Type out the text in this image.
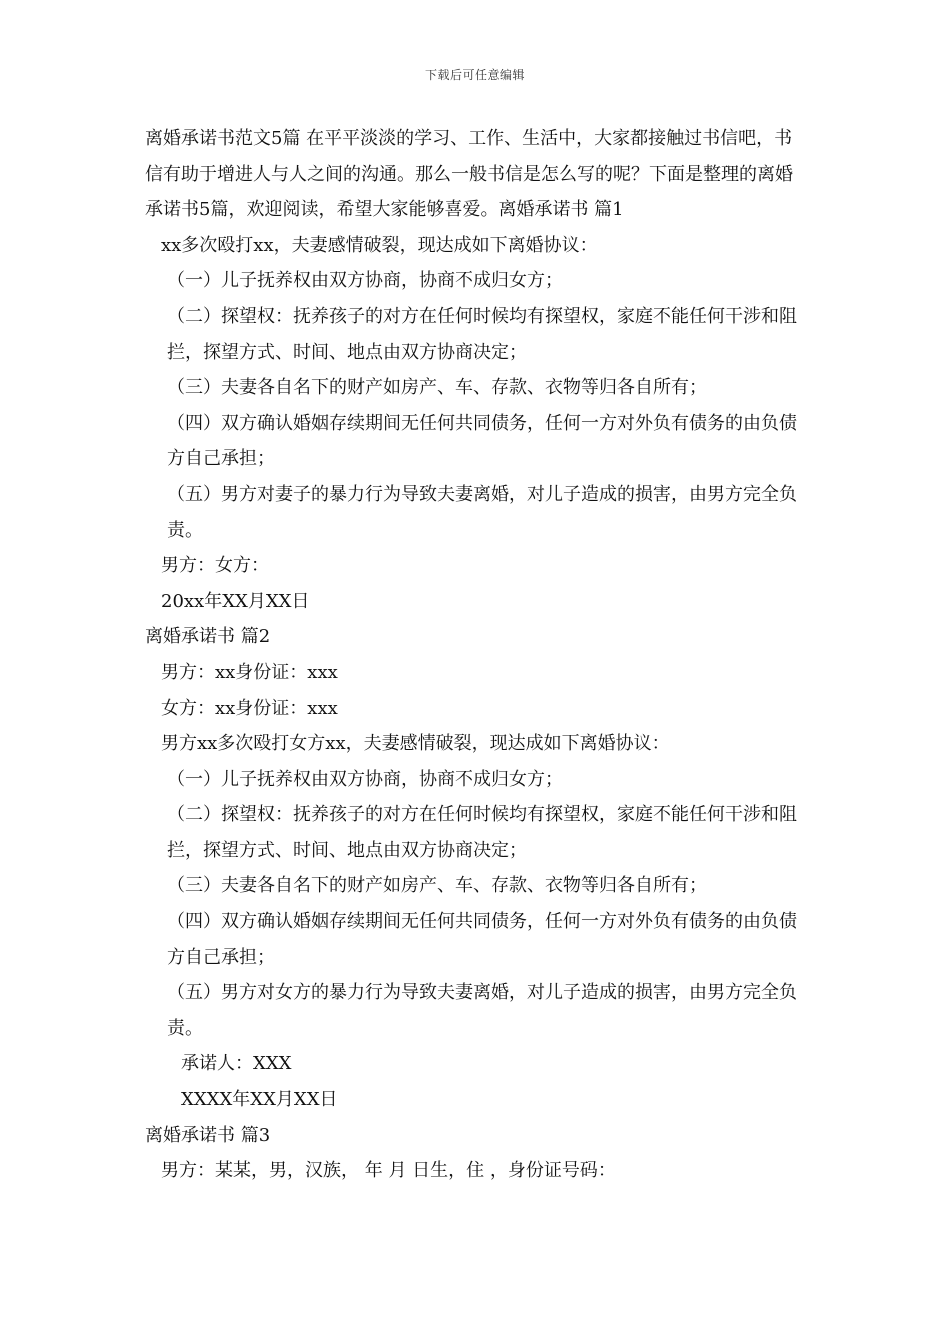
下载后可任意编辑

离婚承诺书范文5篇 在平平淡淡的学习、工作、生活中，大家都接触过书信吧，书信有助于增进人与人之间的沟通。那么一般书信是怎么写的呢？下面是整理的离婚承诺书5篇，欢迎阅读，希望大家能够喜爱。离婚承诺书 篇1

xx多次殴打xx，夫妻感情破裂，现达成如下离婚协议：

（一）儿子抚养权由双方协商，协商不成归女方；

（二）探望权：抚养孩子的对方在任何时候均有探望权，家庭不能任何干涉和阻拦，探望方式、时间、地点由双方协商决定；

（三）夫妻各自名下的财产如房产、车、存款、衣物等归各自所有；

（四）双方确认婚姻存续期间无任何共同债务，任何一方对外负有债务的由负债方自己承担；

（五）男方对妻子的暴力行为导致夫妻离婚，对儿子造成的损害，由男方完全负责。

男方：女方：

20xx年XX月XX日

离婚承诺书 篇2

男方：xx身份证：xxx

女方：xx身份证：xxx

男方xx多次殴打女方xx，夫妻感情破裂，现达成如下离婚协议：

（一）儿子抚养权由双方协商，协商不成归女方；

（二）探望权：抚养孩子的对方在任何时候均有探望权，家庭不能任何干涉和阻拦，探望方式、时间、地点由双方协商决定；

（三）夫妻各自名下的财产如房产、车、存款、衣物等归各自所有；

（四）双方确认婚姻存续期间无任何共同债务，任何一方对外负有债务的由负债方自己承担；

（五）男方对女方的暴力行为导致夫妻离婚，对儿子造成的损害，由男方完全负责。

承诺人：XXX

XXXX年XX月XX日

离婚承诺书 篇3

男方：某某，男，汉族， 年 月 日生，住 ，身份证号码：
